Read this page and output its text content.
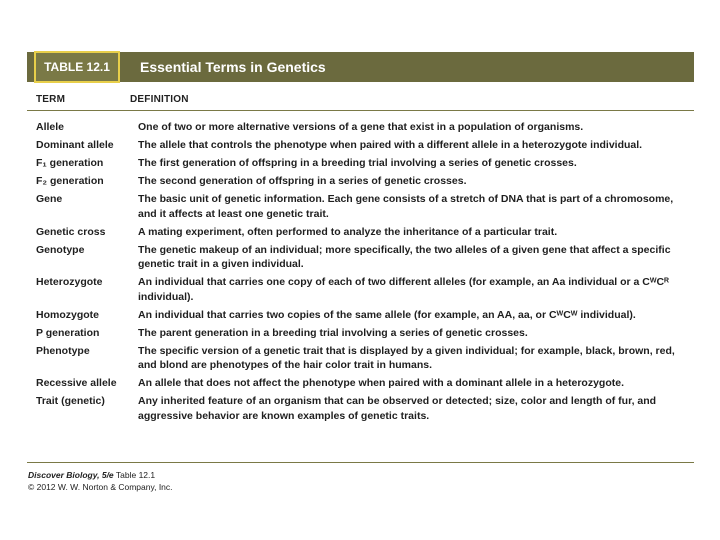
TABLE 12.1	Essential Terms in Genetics
TERM	DEFINITION
Allele	One of two or more alternative versions of a gene that exist in a population of organisms.
Dominant allele	The allele that controls the phenotype when paired with a different allele in a heterozygote individual.
F₁ generation	The first generation of offspring in a breeding trial involving a series of genetic crosses.
F₂ generation	The second generation of offspring in a series of genetic crosses.
Gene	The basic unit of genetic information. Each gene consists of a stretch of DNA that is part of a chromosome, and it affects at least one genetic trait.
Genetic cross	A mating experiment, often performed to analyze the inheritance of a particular trait.
Genotype	The genetic makeup of an individual; more specifically, the two alleles of a given gene that affect a specific genetic trait in a given individual.
Heterozygote	An individual that carries one copy of each of two different alleles (for example, an Aa individual or a CᵂCᴿ individual).
Homozygote	An individual that carries two copies of the same allele (for example, an AA, aa, or CᵂCᵂ individual).
P generation	The parent generation in a breeding trial involving a series of genetic crosses.
Phenotype	The specific version of a genetic trait that is displayed by a given individual; for example, black, brown, red, and blond are phenotypes of the hair color trait in humans.
Recessive allele	An allele that does not affect the phenotype when paired with a dominant allele in a heterozygote.
Trait (genetic)	Any inherited feature of an organism that can be observed or detected; size, color and length of fur, and aggressive behavior are known examples of genetic traits.
Discover Biology, 5/e Table 12.1
© 2012 W. W. Norton & Company, Inc.
